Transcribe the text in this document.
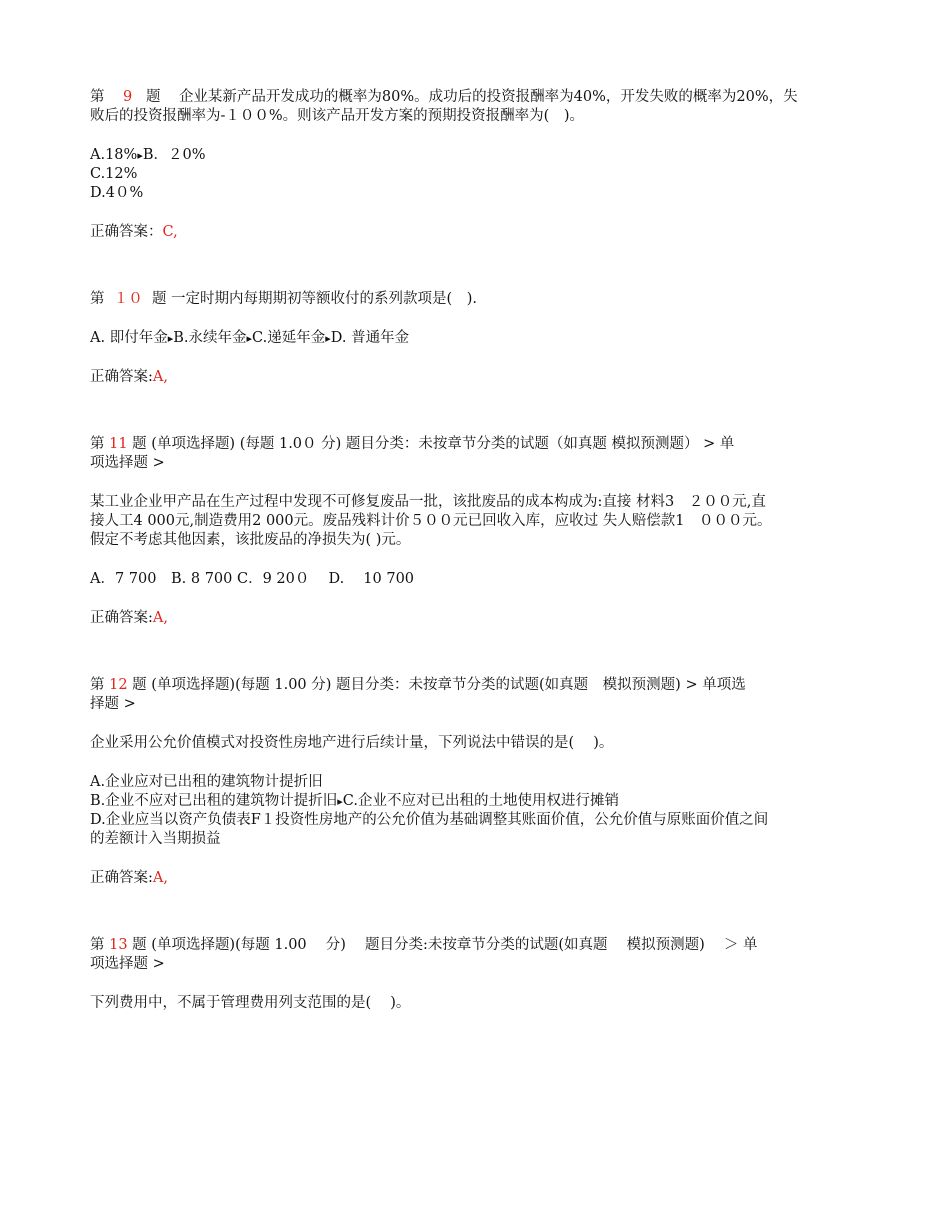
第 9 题 企业某新产品开发成功的概率为80%。成功后的投资报酬率为40%，开发失败的概率为20%，失

败后的投资报酬率为-１００%。则该产品开发方案的预期投资报酬率为(　)。

A.18%▸B．２0%

C.12%

D.4０%

正确答案：C,

第 １０ 题 一定时期内每期期初等额收付的系列款项是(　).

A. 即付年金▸B.永续年金▸C.递延年金▸D. 普通年金

正确答案:A,

第 11 题 (单项选择题) (每题 1.0０ 分) 题目分类：未按章节分类的试题（如真题 模拟预测题） > 单

项选择题 >

某工业企业甲产品在生产过程中发现不可修复废品一批，该批废品的成本构成为:直接 材料3　２００元,直

接人工4 000元,制造费用2 000元。废品残料计价５００元已回收入库，应收过 失人赔偿款1　０００元。

假定不考虑其他因素，该批废品的净损失为( )元。

A．7 700　B. 8 700 C．9 20０　 D.　 10 700

正确答案:A,

第 12 题 (单项选择题)(每题 1.00 分) 题目分类：未按章节分类的试题(如真题　模拟预测题) > 单项选

择题 >

企业采用公允价值模式对投资性房地产进行后续计量，下列说法中错误的是(　 )。

A.企业应对已出租的建筑物计提折旧

B.企业不应对已出租的建筑物计提折旧▸C.企业不应对已出租的土地使用权进行摊销

D.企业应当以资产负债表F１投资性房地产的公允价值为基础调整其账面价值，公允价值与原账面价值之间

的差额计入当期损益

正确答案:A,

第 13 题 (单项选择题)(每题 1.00　 分)　 题目分类:未按章节分类的试题(如真题　 模拟预测题)　 ＞ 单

项选择题 >

下列费用中，不属于管理费用列支范围的是(　 )。
